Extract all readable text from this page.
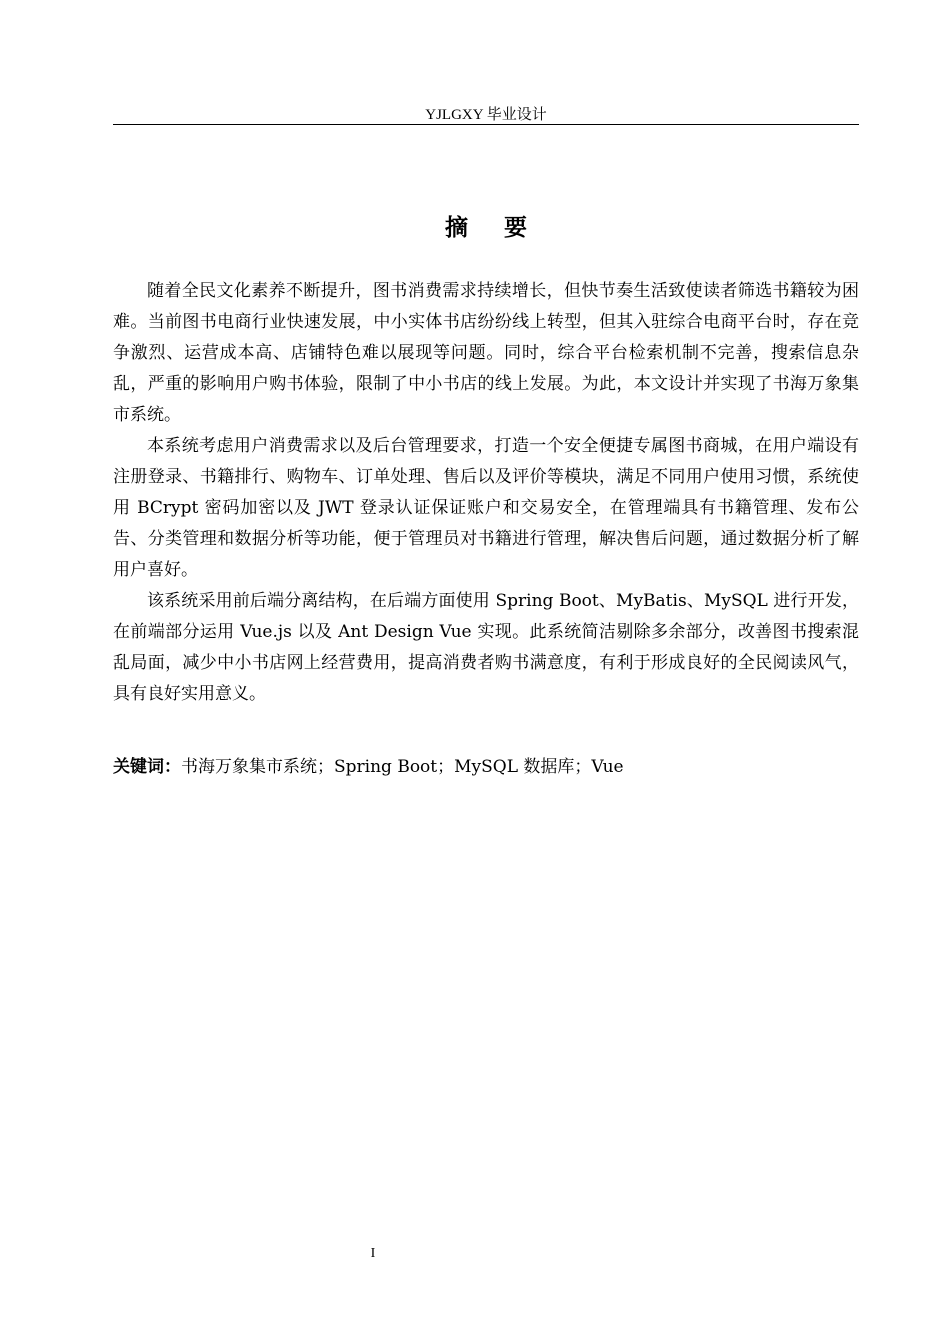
YJLGXY 毕业设计
摘要

随着全民文化素养不断提升，图书消费需求持续增长，但快节奏生活致使读者筛选书籍较为困难。当前图书电商行业快速发展，中小实体书店纷纷线上转型，但其入驻综合电商平台时，存在竞争激烈、运营成本高、店铺特色难以展现等问题。同时，综合平台检索机制不完善，搜索信息杂乱，严重的影响用户购书体验，限制了中小书店的线上发展。为此，本文设计并实现了书海万象集市系统。

本系统考虑用户消费需求以及后台管理要求，打造一个安全便捷专属图书商城，在用户端设有注册登录、书籍排行、购物车、订单处理、售后以及评价等模块，满足不同用户使用习惯，系统使用 BCrypt 密码加密以及 JWT 登录认证保证账户和交易安全，在管理端具有书籍管理、发布公告、分类管理和数据分析等功能，便于管理员对书籍进行管理，解决售后问题，通过数据分析了解用户喜好。

该系统采用前后端分离结构，在后端方面使用 Spring Boot、MyBatis、MySQL 进行开发，在前端部分运用 Vue.js 以及 Ant Design Vue 实现。此系统简洁剔除多余部分，改善图书搜索混乱局面，减少中小书店网上经营费用，提高消费者购书满意度，有利于形成良好的全民阅读风气，具有良好实用意义。

关键词：书海万象集市系统；Spring Boot；MySQL 数据库；Vue
I
